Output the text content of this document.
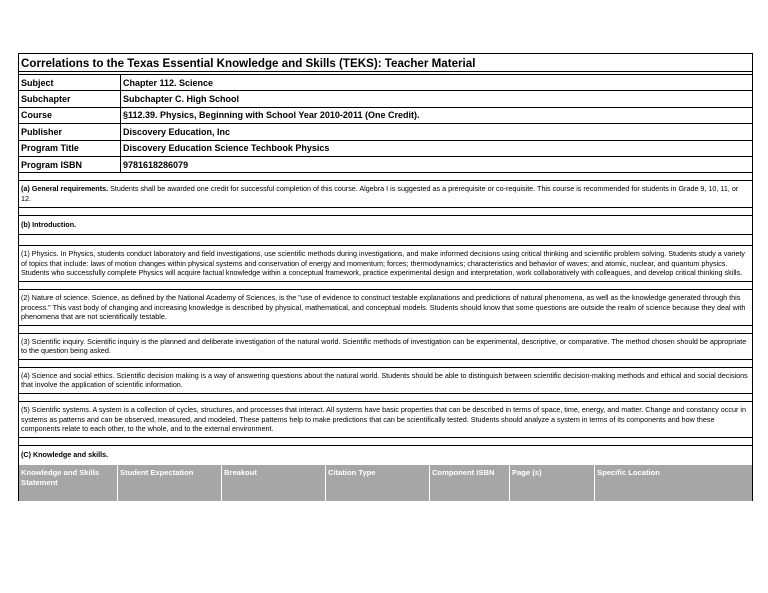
Correlations to the Texas Essential Knowledge and Skills (TEKS): Teacher Material
Subject	Chapter 112. Science
Subchapter	Subchapter C. High School
Course	§112.39. Physics, Beginning with School Year 2010-2011 (One Credit).
Publisher	Discovery Education, Inc
Program Title	Discovery Education Science Techbook Physics
Program ISBN	9781618286079
(a) General requirements. Students shall be awarded one credit for successful completion of this course. Algebra I is suggested as a prerequisite or co-requisite. This course is recommended for students in Grade 9, 10, 11, or 12.
(b) Introduction.
(1) Physics. In Physics, students conduct laboratory and field investigations, use scientific methods during investigations, and make informed decisions using critical thinking and scientific problem solving. Students study a variety of topics that include: laws of motion changes within physical systems and conservation of energy and momentum; forces; thermodynamics; characteristics and behavior of waves; and atomic, nuclear, and quantum physics. Students who successfully complete Physics will acquire factual knowledge within a conceptual framework, practice experimental design and interpretation, work collaboratively with colleagues, and develop critical thinking skills.
(2) Nature of science. Science, as defined by the National Academy of Sciences, is the "use of evidence to construct testable explanations and predictions of natural phenomena, as well as the knowledge generated through this process." This vast body of changing and increasing knowledge is described by physical, mathematical, and conceptual models. Students should know that some questions are outside the realm of science because they deal with phenomena that are not scientifically testable.
(3) Scientific inquiry. Scientific inquiry is the planned and deliberate investigation of the natural world. Scientific methods of investigation can be experimental, descriptive, or comparative. The method chosen should be appropriate to the question being asked.
(4) Science and social ethics. Scientific decision making is a way of answering questions about the natural world. Students should be able to distinguish between scientific decision-making methods and ethical and social decisions that involve the application of scientific information.
(5) Scientific systems. A system is a collection of cycles, structures, and processes that interact. All systems have basic properties that can be described in terms of space, time, energy, and matter. Change and constancy occur in systems as patterns and can be observed, measured, and modeled. These patterns help to make predictions that can be scientifically tested. Students should analyze a system in terms of its components and how these components relate to each other, to the whole, and to the external environment.
(C) Knowledge and skills.
Knowledge and Skills Statement	Student Expectation	Breakout	Citation Type	Component ISBN	Page (s)	Specific Location
